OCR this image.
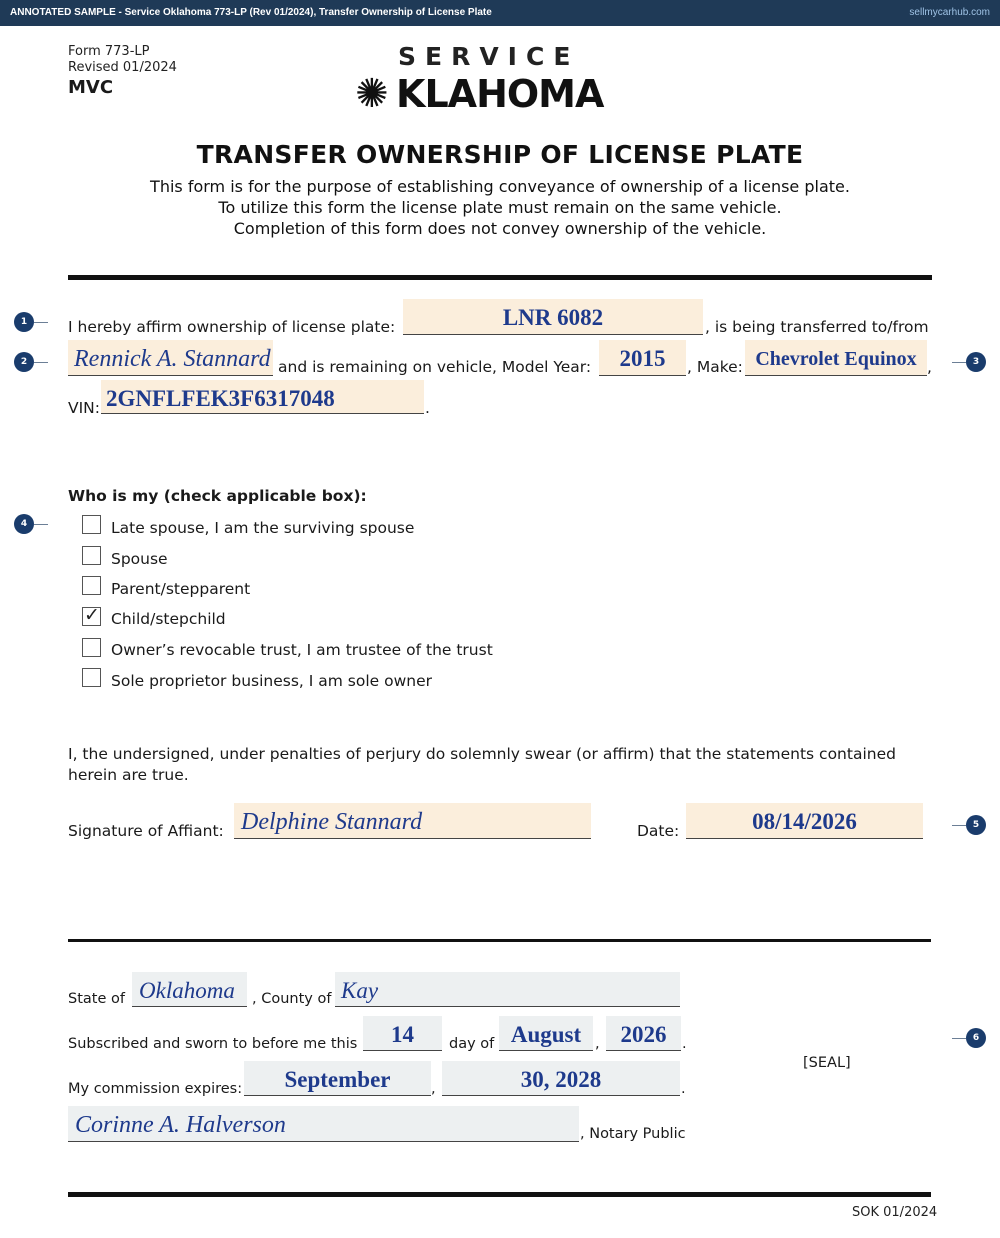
ANNOTATED SAMPLE - Service Oklahoma 773-LP (Rev 01/2024), Transfer Ownership of License Plate	sellmycarhub.com
Form 773-LP
Revised 01/2024
MVC
SERVICE
✺ KLAHOMA
TRANSFER OWNERSHIP OF LICENSE PLATE
This form is for the purpose of establishing conveyance of ownership of a license plate.
To utilize this form the license plate must remain on the same vehicle.
Completion of this form does not convey ownership of the vehicle.
I hereby affirm ownership of license plate:	LNR 6082	, is being transferred to/from
Rennick A. Stannard and is remaining on vehicle, Model Year:	2015	, Make: Chevrolet Equinox ,
VIN: 2GNFLFEK3F6317048	.
Who is my (check applicable box):
Late spouse, I am the surviving spouse
Spouse
Parent/stepparent
✓
Child/stepchild
Owner’s revocable trust, I am trustee of the trust
Sole proprietor business, I am sole owner
I, the undersigned, under penalties of perjury do solemnly swear (or affirm) that the statements contained
herein are true.
Signature of Affiant: Delphine Stannard	Date:	08/14/2026
State of Oklahoma , County of Kay
Subscribed and sworn to before me this	14	day of August , 2026	.
[SEAL]
My commission expires:	September	,	30, 2028	.
Corinne A. Halverson	, Notary Public
SOK 01/2024
1
2	3
4
5
6
